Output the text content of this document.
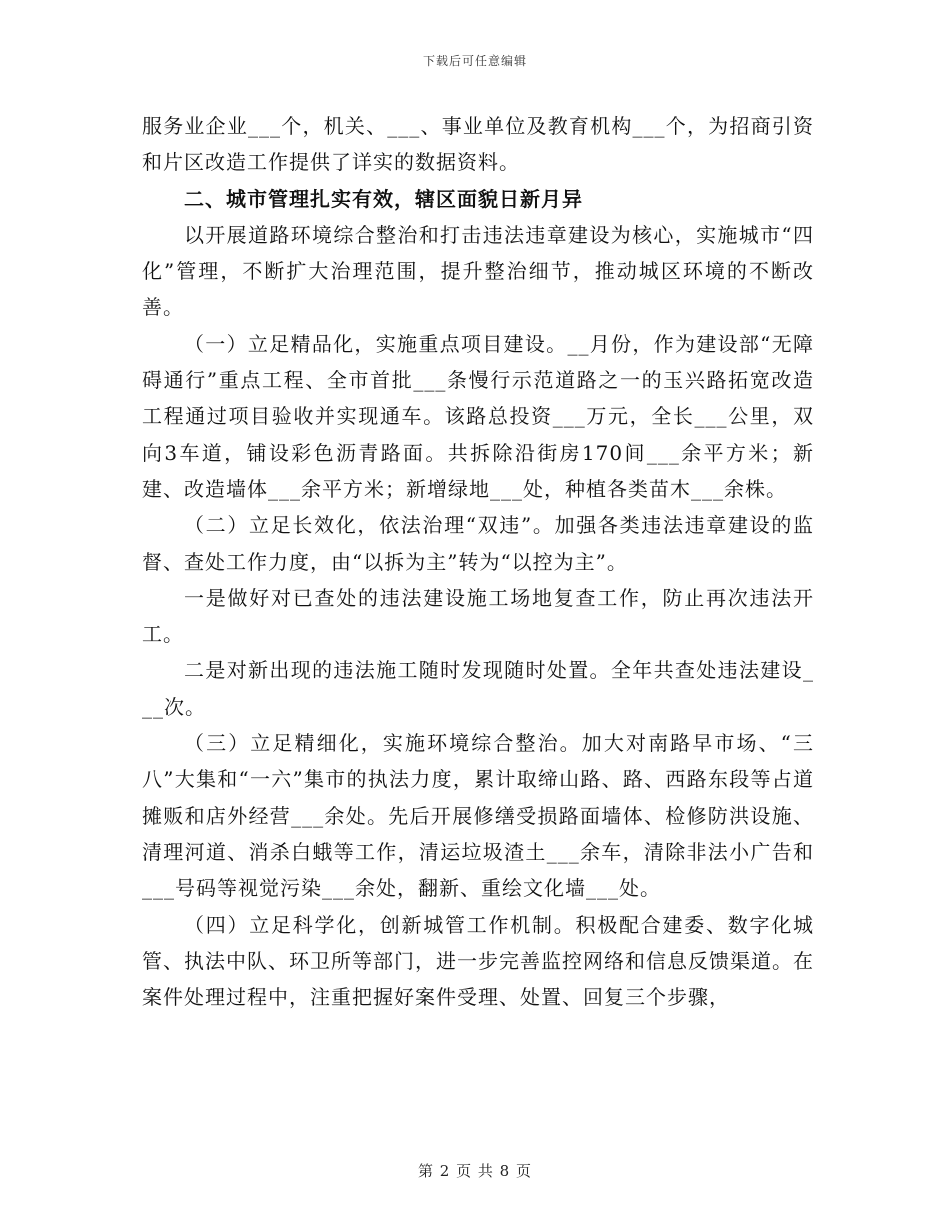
下载后可任意编辑

服务业企业___个，机关、___、事业单位及教育机构___个，为招商引资和片区改造工作提供了详实的数据资料。

二、城市管理扎实有效，辖区面貌日新月异

以开展道路环境综合整治和打击违法违章建设为核心，实施城市“四化”管理，不断扩大治理范围，提升整治细节，推动城区环境的不断改善。

（一）立足精品化，实施重点项目建设。__月份，作为建设部“无障碍通行”重点工程、全市首批___条慢行示范道路之一的玉兴路拓宽改造工程通过项目验收并实现通车。该路总投资___万元，全长___公里，双向3车道，铺设彩色沥青路面。共拆除沿街房170间___余平方米；新建、改造墙体___余平方米；新增绿地___处，种植各类苗木___余株。

（二）立足长效化，依法治理“双违”。加强各类违法违章建设的监督、查处工作力度，由“以拆为主”转为“以控为主”。

一是做好对已查处的违法建设施工场地复查工作，防止再次违法开工。

二是对新出现的违法施工随时发现随时处置。全年共查处违法建设___次。

（三）立足精细化，实施环境综合整治。加大对南路早市场、“三八”大集和“一六”集市的执法力度，累计取缔山路、路、西路东段等占道摊贩和店外经营___余处。先后开展修缮受损路面墙体、检修防洪设施、清理河道、消杀白蛾等工作，清运垃圾渣土___余车，清除非法小广告和___号码等视觉污染___余处，翻新、重绘文化墙___处。

（四）立足科学化，创新城管工作机制。积极配合建委、数字化城管、执法中队、环卫所等部门，进一步完善监控网络和信息反馈渠道。在案件处理过程中，注重把握好案件受理、处置、回复三个步骤，

第 2 页 共 8 页
